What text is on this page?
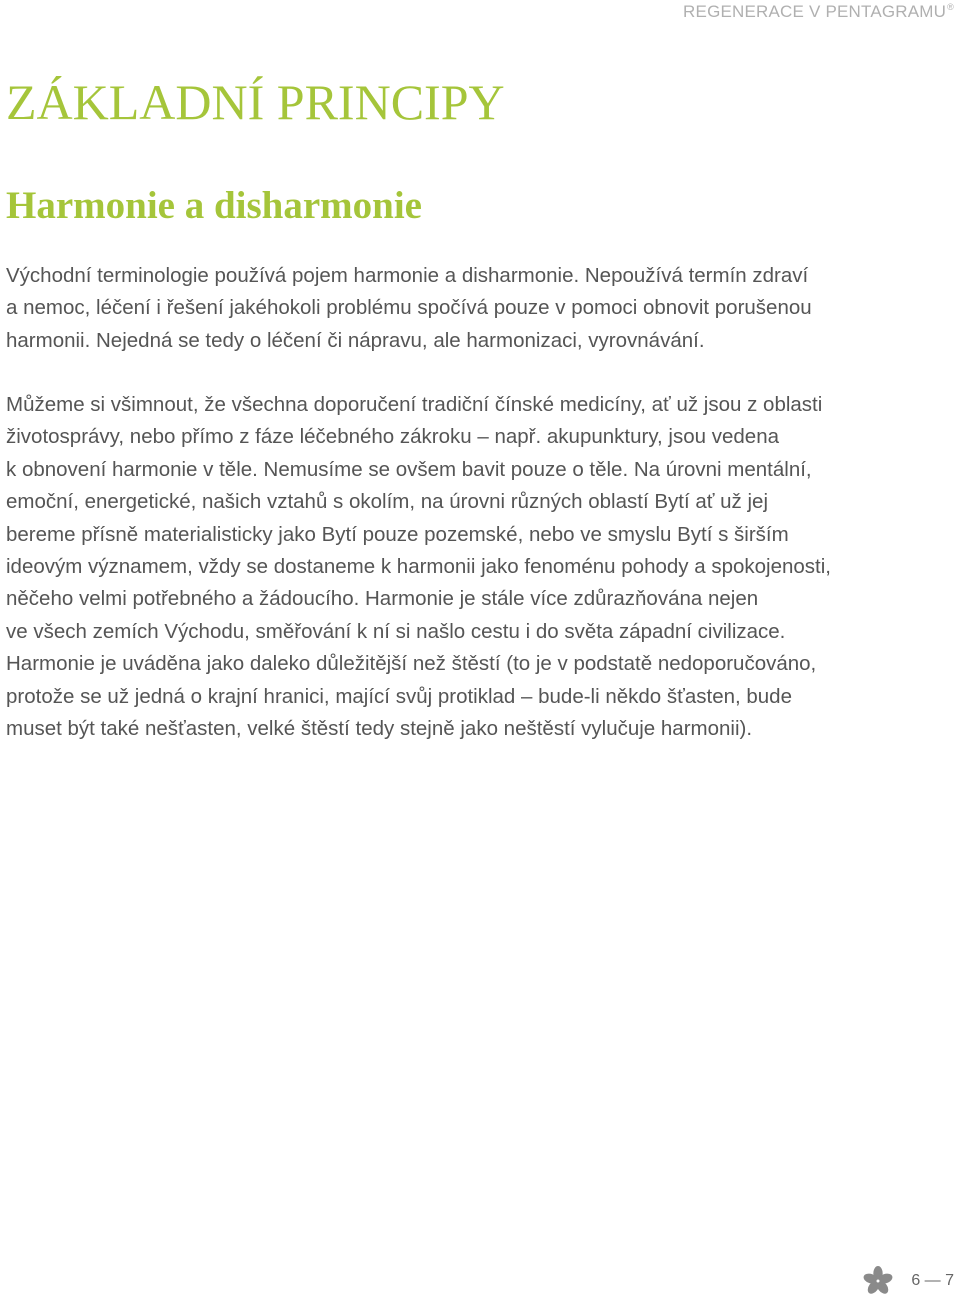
REGENERACE V PENTAGRAMU®
ZÁKLADNÍ PRINCIPY
Harmonie a disharmonie

Východní terminologie používá pojem harmonie a disharmonie. Nepoužívá termín zdraví
a nemoc, léčení i řešení jakéhokoli problému spočívá pouze v pomoci obnovit porušenou
harmonii. Nejedná se tedy o léčení či nápravu, ale harmonizaci, vyrovnávání.

Můžeme si všimnout, že všechna doporučení tradiční čínské medicíny, ať už jsou z oblasti
životosprávy, nebo přímo z fáze léčebného zákroku – např. akupunktury, jsou vedena
k obnovení harmonie v těle. Nemusíme se ovšem bavit pouze o těle. Na úrovni mentální,
emoční, energetické, našich vztahů s okolím, na úrovni různých oblastí Bytí ať už jej
bereme přísně materialisticky jako Bytí pouze pozemské, nebo ve smyslu Bytí s širším
ideovým významem, vždy se dostaneme k harmonii jako fenoménu pohody a spokojenosti,
něčeho velmi potřebného a žádoucího. Harmonie je stále více zdůrazňována nejen
ve všech zemích Východu, směřování k ní si našlo cestu i do světa západní civilizace.
Harmonie je uváděna jako daleko důležitější než štěstí (to je v podstatě nedoporučováno,
protože se už jedná o krajní hranici, mající svůj protiklad – bude-li někdo šťasten, bude
muset být také nešťasten, velké štěstí tedy stejně jako neštěstí vylučuje harmonii).

6 — 7
